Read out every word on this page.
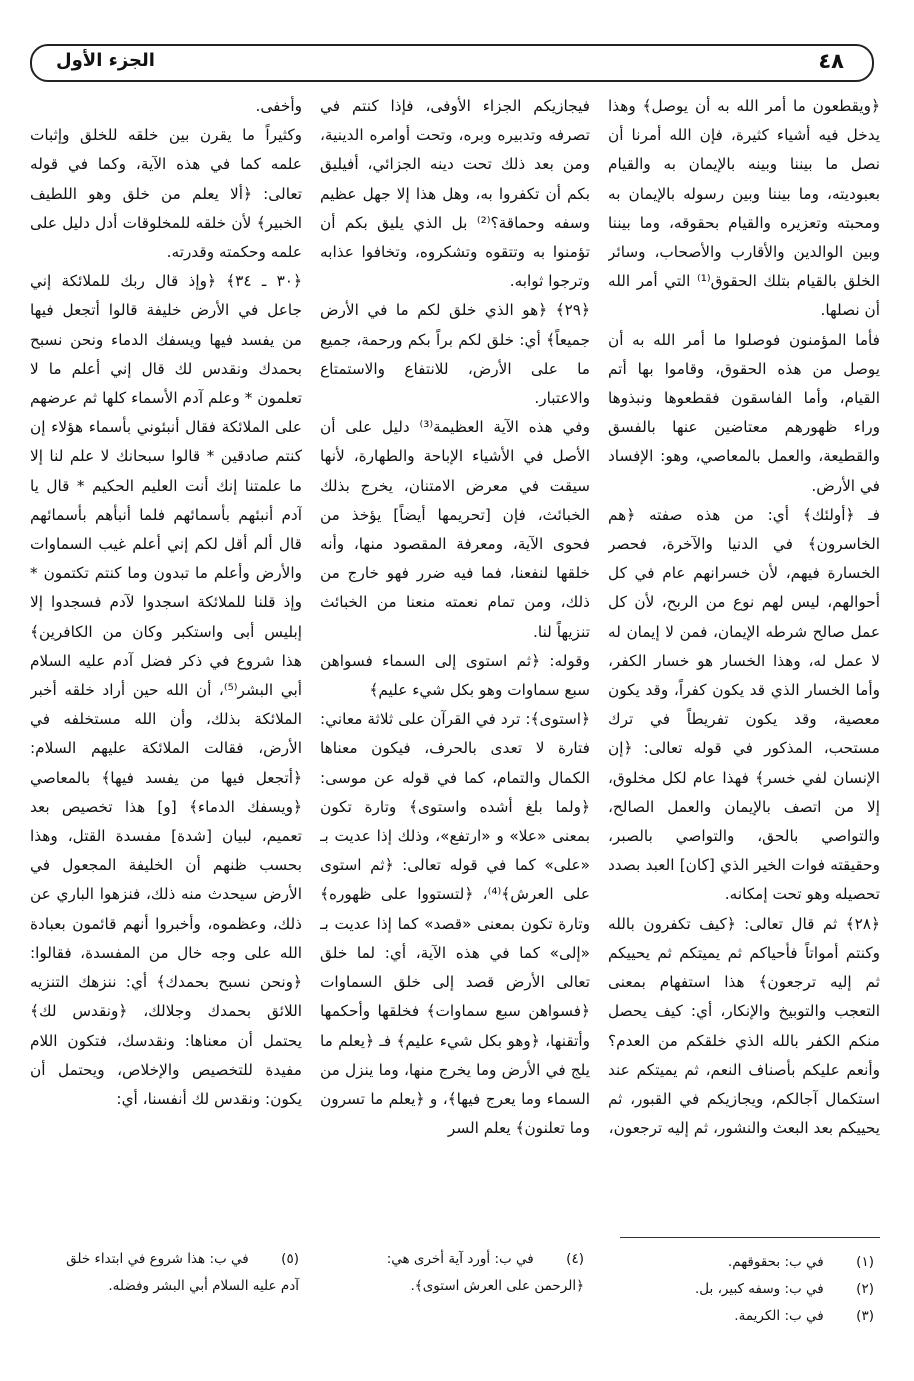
٤٨
الجزء الأول

﴿ويقطعون ما أمر الله به أن يوصل﴾ وهذا يدخل فيه أشياء كثيرة، فإن الله أمرنا أن نصل ما بيننا وبينه بالإيمان به والقيام بعبوديته، وما بيننا وبين رسوله بالإيمان به ومحبته وتعزيره والقيام بحقوقه، وما بيننا وبين الوالدين والأقارب والأصحاب، وسائر الخلق بالقيام بتلك الحقوق⁽¹⁾ التي أمر الله أن نصلها.

فأما المؤمنون فوصلوا ما أمر الله به أن يوصل من هذه الحقوق، وقاموا بها أتم القيام، وأما الفاسقون فقطعوها ونبذوها وراء ظهورهم معتاضين عنها بالفسق والقطيعة، والعمل بالمعاصي، وهو: الإفساد في الأرض.

فـ ﴿أولئك﴾ أي: من هذه صفته ﴿هم الخاسرون﴾ في الدنيا والآخرة، فحصر الخسارة فيهم، لأن خسرانهم عام في كل أحوالهم، ليس لهم نوع من الربح، لأن كل عمل صالح شرطه الإيمان، فمن لا إيمان له لا عمل له، وهذا الخسار هو خسار الكفر، وأما الخسار الذي قد يكون كفراً، وقد يكون معصية، وقد يكون تفريطاً في ترك مستحب، المذكور في قوله تعالى: ﴿إن الإنسان لفي خسر﴾ فهذا عام لكل مخلوق، إلا من اتصف بالإيمان والعمل الصالح، والتواصي بالحق، والتواصي بالصبر، وحقيقته فوات الخير الذي [كان] العبد بصدد تحصيله وهو تحت إمكانه.

﴿٢٨﴾ ثم قال تعالى: ﴿كيف تكفرون بالله وكنتم أمواتاً فأحياكم ثم يميتكم ثم يحييكم ثم إليه ترجعون﴾ هذا استفهام بمعنى التعجب والتوبيخ والإنكار، أي: كيف يحصل منكم الكفر بالله الذي خلقكم من العدم؟ وأنعم عليكم بأصناف النعم، ثم يميتكم عند استكمال آجالكم، ويجازيكم في القبور، ثم يحييكم بعد البعث والنشور، ثم إليه ترجعون،

فيجازيكم الجزاء الأوفى، فإذا كنتم في تصرفه وتدبيره وبره، وتحت أوامره الدينية، ومن بعد ذلك تحت دينه الجزائي، أفيليق بكم أن تكفروا به، وهل هذا إلا جهل عظيم وسفه وحماقة؟⁽²⁾ بل الذي يليق بكم أن تؤمنوا به وتتقوه وتشكروه، وتخافوا عذابه وترجوا ثوابه.

﴿٢٩﴾ ﴿هو الذي خلق لكم ما في الأرض جميعاً﴾ أي: خلق لكم براً بكم ورحمة، جميع ما على الأرض، للانتفاع والاستمتاع والاعتبار.

وفي هذه الآية العظيمة⁽³⁾ دليل على أن الأصل في الأشياء الإباحة والطهارة، لأنها سيقت في معرض الامتنان، يخرج بذلك الخبائث، فإن [تحريمها أيضاً] يؤخذ من فحوى الآية، ومعرفة المقصود منها، وأنه خلقها لنفعنا، فما فيه ضرر فهو خارج من ذلك، ومن تمام نعمته منعنا من الخبائث تنزيهاً لنا.

وقوله: ﴿ثم استوى إلى السماء فسواهن سبع سماوات وهو بكل شيء عليم﴾

﴿استوى﴾: ترد في القرآن على ثلاثة معاني: فتارة لا تعدى بالحرف، فيكون معناها الكمال والتمام، كما في قوله عن موسى: ﴿ولما بلغ أشده واستوى﴾ وتارة تكون بمعنى «علا» و «ارتفع»، وذلك إذا عديت بـ «على» كما في قوله تعالى: ﴿ثم استوى على العرش﴾⁽⁴⁾، ﴿لتستووا على ظهوره﴾ وتارة تكون بمعنى «قصد» كما إذا عديت بـ «إلى» كما في هذه الآية، أي: لما خلق تعالى الأرض قصد إلى خلق السماوات ﴿فسواهن سبع سماوات﴾ فخلقها وأحكمها وأتقنها، ﴿وهو بكل شيء عليم﴾ فـ ﴿يعلم ما يلج في الأرض وما يخرج منها، وما ينزل من السماء وما يعرج فيها﴾، و ﴿يعلم ما تسرون وما تعلنون﴾ يعلم السر

وأخفى.

وكثيراً ما يقرن بين خلقه للخلق وإثبات علمه كما في هذه الآية، وكما في قوله تعالى: ﴿ألا يعلم من خلق وهو اللطيف الخبير﴾ لأن خلقه للمخلوقات أدل دليل على علمه وحكمته وقدرته.

﴿٣٠ ـ ٣٤﴾ ﴿وإذ قال ربك للملائكة إني جاعل في الأرض خليفة قالوا أتجعل فيها من يفسد فيها ويسفك الدماء ونحن نسبح بحمدك ونقدس لك قال إني أعلم ما لا تعلمون * وعلم آدم الأسماء كلها ثم عرضهم على الملائكة فقال أنبئوني بأسماء هؤلاء إن كنتم صادقين * قالوا سبحانك لا علم لنا إلا ما علمتنا إنك أنت العليم الحكيم * قال يا آدم أنبئهم بأسمائهم فلما أنبأهم بأسمائهم قال ألم أقل لكم إني أعلم غيب السماوات والأرض وأعلم ما تبدون وما كنتم تكتمون * وإذ قلنا للملائكة اسجدوا لآدم فسجدوا إلا إبليس أبى واستكبر وكان من الكافرين﴾ هذا شروع في ذكر فضل آدم عليه السلام أبي البشر⁽⁵⁾، أن الله حين أراد خلقه أخبر الملائكة بذلك، وأن الله مستخلفه في الأرض، فقالت الملائكة عليهم السلام: ﴿أتجعل فيها من يفسد فيها﴾ بالمعاصي ﴿ويسفك الدماء﴾ [و] هذا تخصيص بعد تعميم، لبيان [شدة] مفسدة القتل، وهذا بحسب ظنهم أن الخليفة المجعول في الأرض سيحدث منه ذلك، فنزهوا الباري عن ذلك، وعظموه، وأخبروا أنهم قائمون بعبادة الله على وجه خال من المفسدة، فقالوا: ﴿ونحن نسبح بحمدك﴾ أي: ننزهك التنزيه اللائق بحمدك وجلالك، ﴿ونقدس لك﴾ يحتمل أن معناها: ونقدسك، فتكون اللام مفيدة للتخصيص والإخلاص، ويحتمل أن يكون: ونقدس لك أنفسنا، أي:

(١) في ب: بحقوقهم.
(٢) في ب: وسفه كبير، بل.
(٣) في ب: الكريمة.
(٤) في ب: أورد آية أخرى هي:
﴿الرحمن على العرش استوى﴾.
(٥) في ب: هذا شروع في ابتداء خلق
آدم عليه السلام أبي البشر وفضله.
